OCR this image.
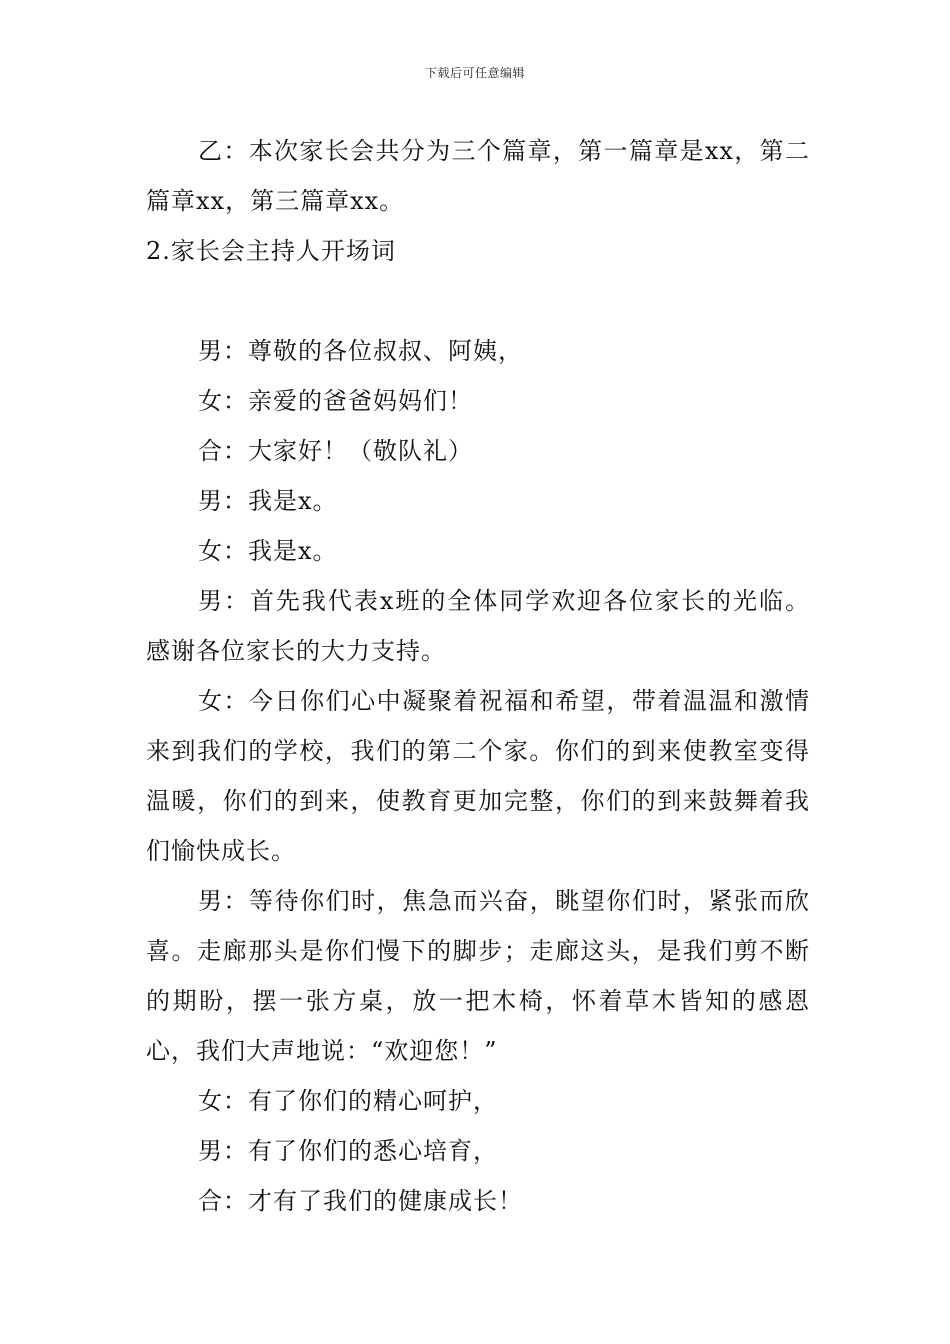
下载后可任意编辑

乙：本次家长会共分为三个篇章，第一篇章是xx，第二篇章xx，第三篇章xx。

2.家长会主持人开场词

男：尊敬的各位叔叔、阿姨，

女：亲爱的爸爸妈妈们！

合：大家好！（敬队礼）

男：我是x。

女：我是x。

男：首先我代表x班的全体同学欢迎各位家长的光临。感谢各位家长的大力支持。

女：今日你们心中凝聚着祝福和希望，带着温温和激情来到我们的学校，我们的第二个家。你们的到来使教室变得温暖，你们的到来，使教育更加完整，你们的到来鼓舞着我们愉快成长。

男：等待你们时，焦急而兴奋，眺望你们时，紧张而欣喜。走廊那头是你们慢下的脚步；走廊这头，是我们剪不断的期盼，摆一张方桌，放一把木椅，怀着草木皆知的感恩心，我们大声地说：“欢迎您！”

女：有了你们的精心呵护，

男：有了你们的悉心培育，

合：才有了我们的健康成长！
